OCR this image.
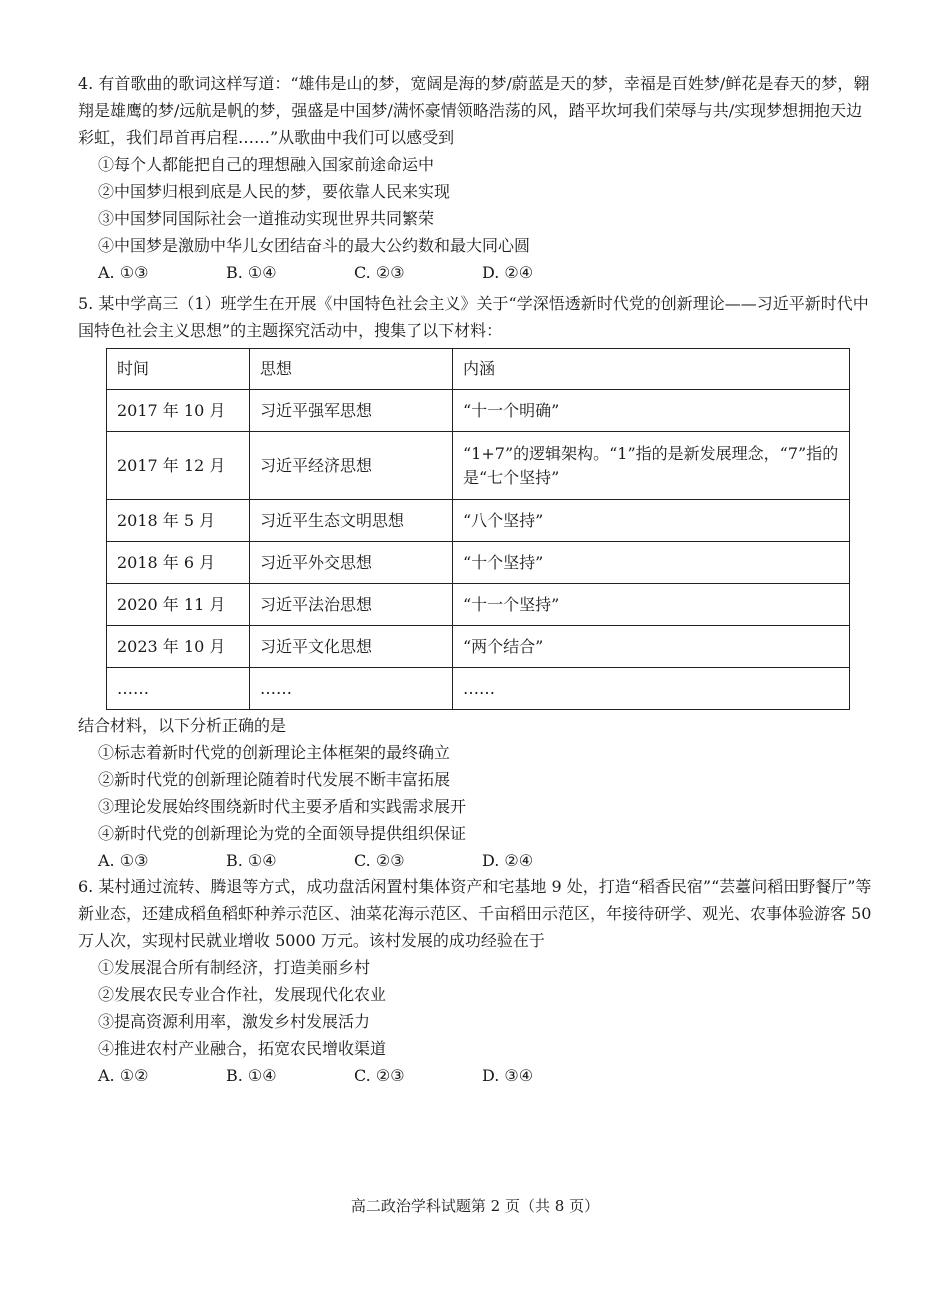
4. 有首歌曲的歌词这样写道：“雄伟是山的梦，宽阔是海的梦/蔚蓝是天的梦，幸福是百姓梦/鲜花是春天的梦，翱翔是雄鹰的梦/远航是帆的梦，强盛是中国梦/满怀豪情领略浩荡的风，踏平坎坷我们荣辱与共/实现梦想拥抱天边彩虹，我们昂首再启程……”从歌曲中我们可以感受到
①每个人都能把自己的理想融入国家前途命运中
②中国梦归根到底是人民的梦，要依靠人民来实现
③中国梦同国际社会一道推动实现世界共同繁荣
④中国梦是激励中华儿女团结奋斗的最大公约数和最大同心圆
A. ①③	B. ①④	C. ②③	D. ②④
5. 某中学高三（1）班学生在开展《中国特色社会主义》关于“学深悟透新时代党的创新理论——习近平新时代中国特色社会主义思想”的主题探究活动中，搜集了以下材料：
时间	思想	内涵
2017 年 10 月	习近平强军思想	“十一个明确”
2017 年 12 月	习近平经济思想	“1+7”的逻辑架构。“1”指的是新发展理念，“7”指的是“七个坚持”
2018 年 5 月	习近平生态文明思想	“八个坚持”
2018 年 6 月	习近平外交思想	“十个坚持”
2020 年 11 月	习近平法治思想	“十一个坚持”
2023 年 10 月	习近平文化思想	“两个结合”
……	……	……
结合材料，以下分析正确的是
①标志着新时代党的创新理论主体框架的最终确立
②新时代党的创新理论随着时代发展不断丰富拓展
③理论发展始终围绕新时代主要矛盾和实践需求展开
④新时代党的创新理论为党的全面领导提供组织保证
A. ①③	B. ①④	C. ②③	D. ②④
6. 某村通过流转、腾退等方式，成功盘活闲置村集体资产和宅基地 9 处，打造“稻香民宿”“芸薹问稻田野餐厅”等新业态，还建成稻鱼稻虾种养示范区、油菜花海示范区、千亩稻田示范区，年接待研学、观光、农事体验游客 50 万人次，实现村民就业增收 5000 万元。该村发展的成功经验在于
①发展混合所有制经济，打造美丽乡村
②发展农民专业合作社，发展现代化农业
③提高资源利用率，激发乡村发展活力
④推进农村产业融合，拓宽农民增收渠道
A. ①②	B. ①④	C. ②③	D. ③④
高二政治学科试题第 2 页（共 8 页）
